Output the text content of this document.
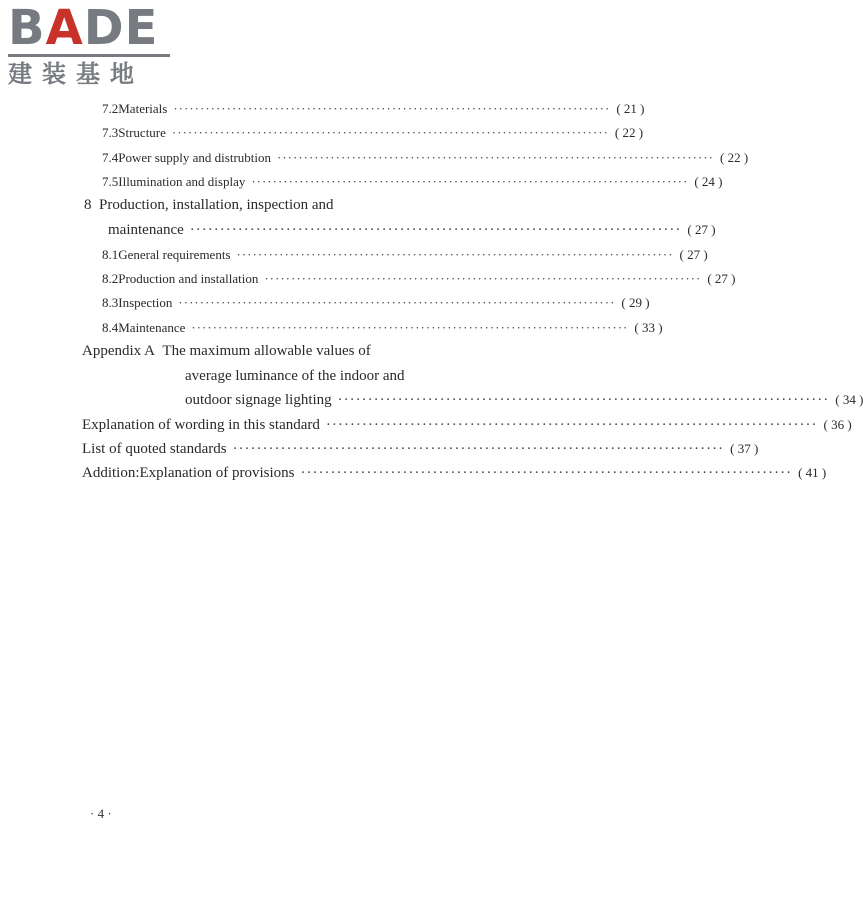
BADE
建装基地
7.2 Materials ·················································································· ( 21 )
7.3 Structure ·················································································· ( 22 )
7.4 Power supply and distrubtion ·················································································· ( 22 )
7.5 Illumination and display ·················································································· ( 24 )
8 Production, installation, inspection and
maintenance ·················································································· ( 27 )
8.1 General requirements ·················································································· ( 27 )
8.2 Production and installation ·················································································· ( 27 )
8.3 Inspection ·················································································· ( 29 )
8.4 Maintenance ·················································································· ( 33 )
Appendix A The maximum allowable values of
average luminance of the indoor and
outdoor signage lighting ·················································································· ( 34 )
Explanation of wording in this standard ·················································································· ( 36 )
List of quoted standards ·················································································· ( 37 )
Addition:Explanation of provisions ·················································································· ( 41 )
· 4 ·
